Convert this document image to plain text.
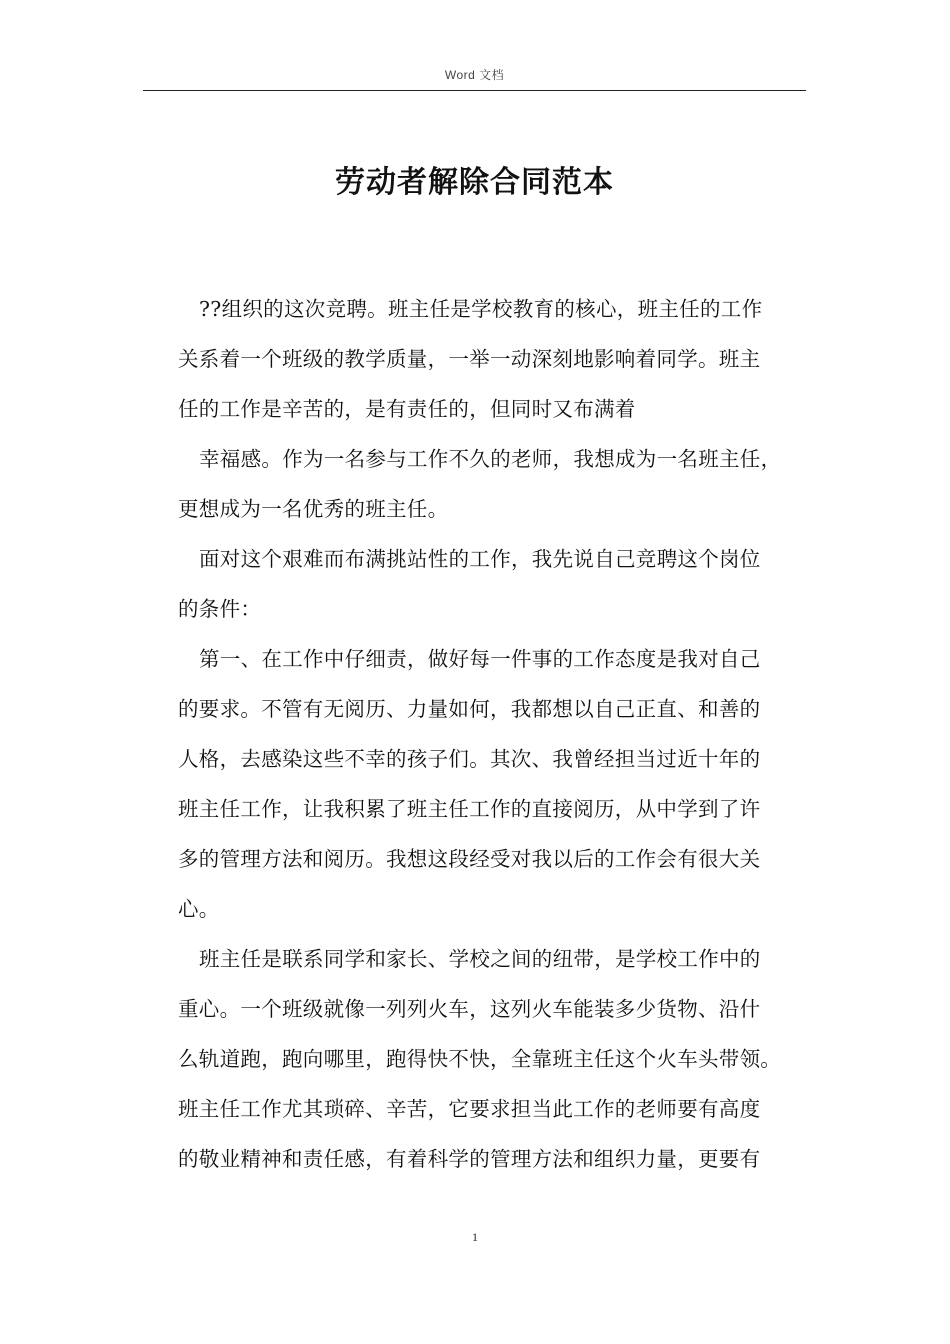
Word 文档
劳动者解除合同范本
??组织的这次竞聘。班主任是学校教育的核心，班主任的工作
关系着一个班级的教学质量，一举一动深刻地影响着同学。班主
任的工作是辛苦的，是有责任的，但同时又布满着
幸福感。作为一名参与工作不久的老师，我想成为一名班主任，
更想成为一名优秀的班主任。
面对这个艰难而布满挑站性的工作，我先说自己竞聘这个岗位
的条件：
第一、在工作中仔细责，做好每一件事的工作态度是我对自己
的要求。不管有无阅历、力量如何，我都想以自己正直、和善的
人格，去感染这些不幸的孩子们。其次、我曾经担当过近十年的
班主任工作，让我积累了班主任工作的直接阅历，从中学到了许
多的管理方法和阅历。我想这段经受对我以后的工作会有很大关
心。
班主任是联系同学和家长、学校之间的纽带，是学校工作中的
重心。一个班级就像一列列火车，这列火车能装多少货物、沿什
么轨道跑，跑向哪里，跑得快不快，全靠班主任这个火车头带领。
班主任工作尤其琐碎、辛苦，它要求担当此工作的老师要有高度
的敬业精神和责任感，有着科学的管理方法和组织力量，更要有
1
